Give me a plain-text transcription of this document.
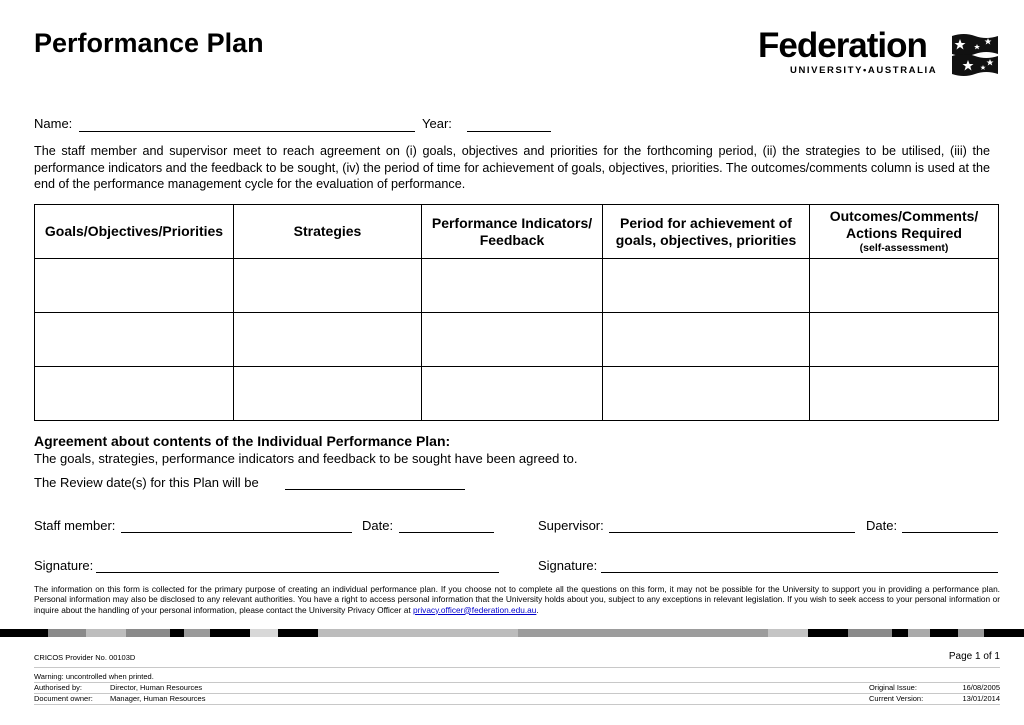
Performance Plan	Federation
UNIVERSITY•AUSTRALIA
Name:	Year:
The staff member and supervisor meet to reach agreement on (i) goals, objectives and priorities for the forthcoming period, (ii) the strategies to be utilised, (iii) the performance indicators and the feedback to be sought, (iv) the period of time for achievement of goals, objectives, priorities. The outcomes/comments column is used at the end of the performance management cycle for the evaluation of performance.
Goals/Objectives/Priorities	Strategies	Performance Indicators/ Feedback	Period for achievement of goals, objectives, priorities	Outcomes/Comments/ Actions Required
(self-assessment)

Agreement about contents of the Individual Performance Plan:
The goals, strategies, performance indicators and feedback to be sought have been agreed to.
The Review date(s) for this Plan will be
Staff member:	Date:	Supervisor:	Date:
Signature:	Signature:
The information on this form is collected for the primary purpose of creating an individual performance plan. If you choose not to complete all the questions on this form, it may not be possible for the University to support you in providing a performance plan. Personal information may also be disclosed to any relevant authorities. You have a right to access personal information that the University holds about you, subject to any exceptions in relevant legislation. If you wish to seek access to your personal information or inquire about the handling of your personal information, please contact the University Privacy Officer at privacy.officer@federation.edu.au.
CRICOS Provider No. 00103D	Page 1 of 1
Warning: uncontrolled when printed.
Authorised by:	Director, Human Resources	Original Issue:	16/08/2005
Document owner: Manager, Human Resources	Current Version:	13/01/2014
